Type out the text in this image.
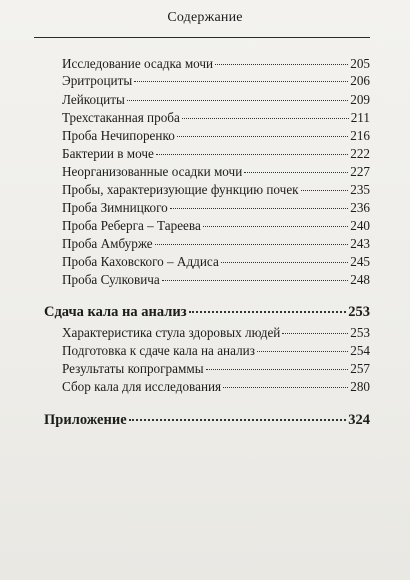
Содержание
Исследование осадка мочи	205
Эритроциты	206
Лейкоциты	209
Трехстаканная проба	211
Проба Нечипоренко	216
Бактерии в моче	222
Неорганизованные осадки мочи	227
Пробы, характеризующие функцию почек	235
Проба Зимницкого	236
Проба Реберга – Тареева	240
Проба Амбурже	243
Проба Каховского – Аддиса	245
Проба Сулковича	248
Сдача кала на анализ	253
Характеристика стула здоровых людей	253
Подготовка к сдаче кала на анализ	254
Результаты копрограммы	257
Сбор кала для исследования	280
Приложение	324
